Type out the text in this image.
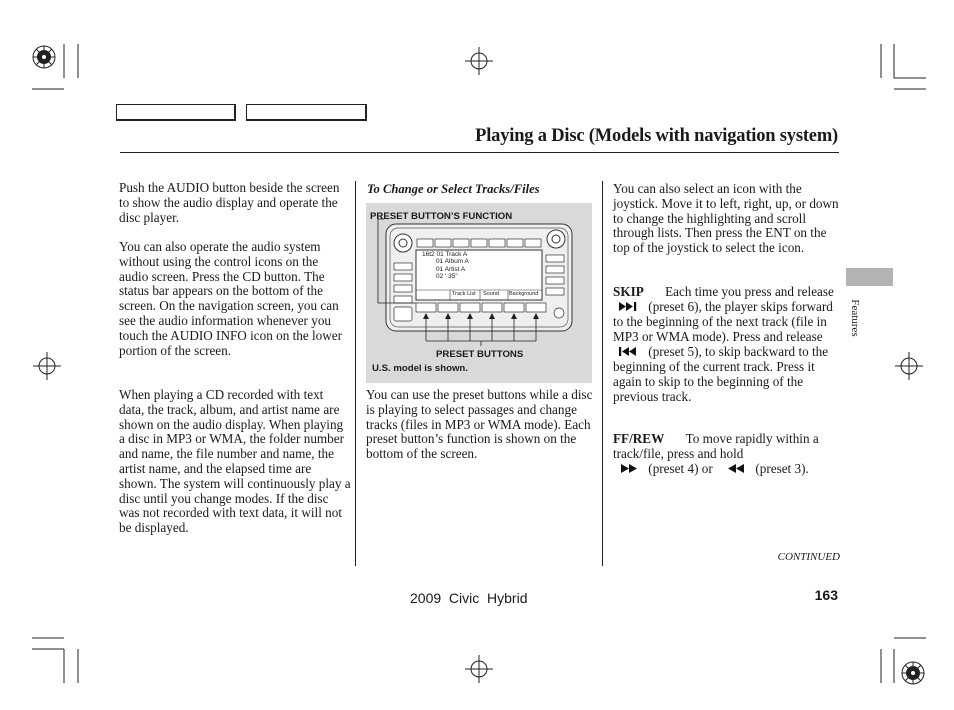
Playing a Disc (Models with navigation system)

Push the AUDIO button beside the screen to show the audio display and operate the disc player.

You can also operate the audio system without using the control icons on the audio screen. Press the CD button. The status bar appears on the bottom of the screen. On the navigation screen, you can see the audio information whenever you touch the AUDIO INFO icon on the lower portion of the screen.

When playing a CD recorded with text data, the track, album, and artist name are shown on the audio display. When playing a disc in MP3 or WMA, the folder number and name, the file number and name, the artist name, and the elapsed time are shown. The system will continuously play a disc until you change modes. If the disc was not recorded with text data, it will not be displayed.

To Change or Select Tracks/Files
PRESET BUTTON’S FUNCTION
16t2 01 Track A
01 Album A
01 Artist A
02 ' 35"
Track List Sound Background
PRESET BUTTONS
U.S. model is shown.

You can use the preset buttons while a disc is playing to select passages and change tracks (files in MP3 or WMA mode). Each preset button’s function is shown on the bottom of the screen.

You can also select an icon with the joystick. Move it to left, right, up, or down to change the highlighting and scroll through lists. Then press the ENT on the top of the joystick to select the icon.

SKIP Each time you press and release  (preset 6), the player skips forward to the beginning of the next track (file in MP3 or WMA mode). Press and release
(preset 5), to skip backward to the beginning of the current track. Press it again to skip to the beginning of the previous track.
FF/REW To move rapidly within a track/file, press and hold
(preset 4) or	(preset 3).
Features
CONTINUED
2009  Civic  Hybrid	163
